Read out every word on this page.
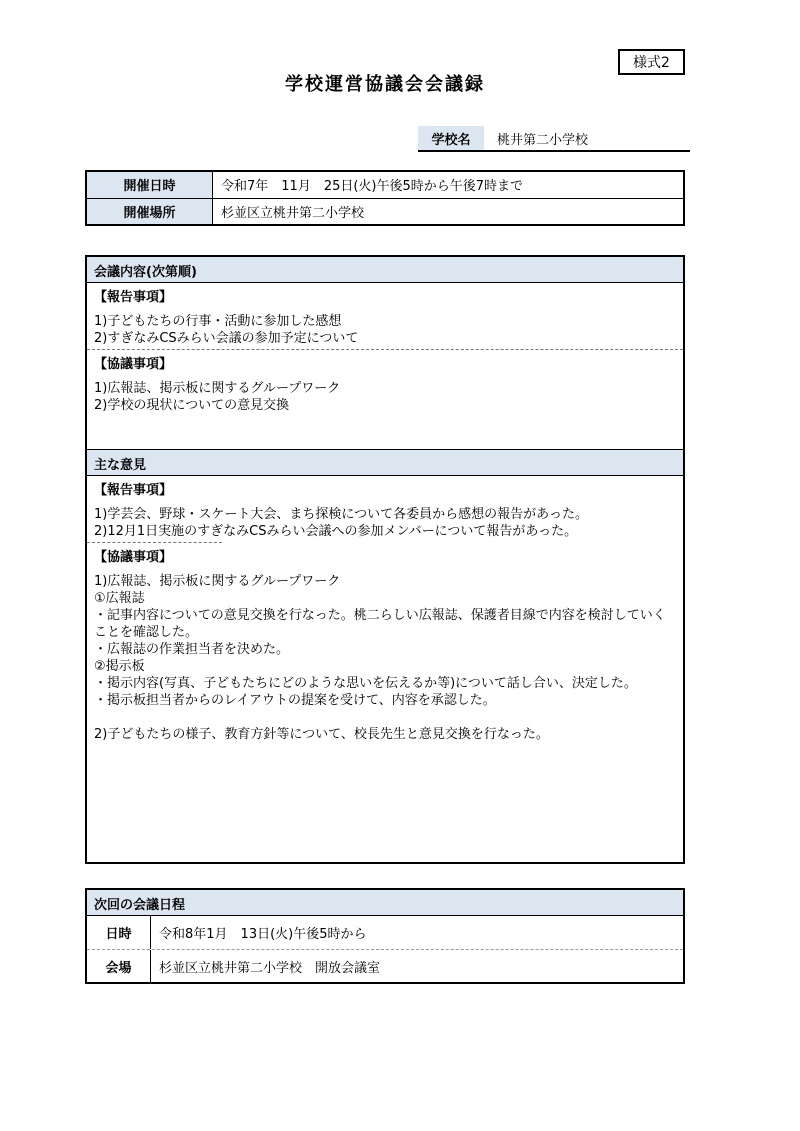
様式2
学校運営協議会会議録
学校名	桃井第二小学校
開催日時	令和7年　11月　25日(火)午後5時から午後7時まで
開催場所	杉並区立桃井第二小学校
会議内容(次第順)
【報告事項】
1)子どもたちの行事・活動に参加した感想
2)すぎなみCSみらい会議の参加予定について
【協議事項】
1)広報誌、掲示板に関するグループワーク
2)学校の現状についての意見交換
主な意見
【報告事項】
1)学芸会、野球・スケート大会、まち探検について各委員から感想の報告があった。
2)12月1日実施のすぎなみCSみらい会議への参加メンバーについて報告があった。
【協議事項】
1)広報誌、掲示板に関するグループワーク
①広報誌
・記事内容についての意見交換を行なった。桃二らしい広報誌、保護者目線で内容を検討していくことを確認した。
・広報誌の作業担当者を決めた。
②掲示板
・掲示内容(写真、子どもたちにどのような思いを伝えるか等)について話し合い、決定した。
・掲示板担当者からのレイアウトの提案を受けて、内容を承認した。

2)子どもたちの様子、教育方針等について、校長先生と意見交換を行なった。
次回の会議日程
日時	令和8年1月　13日(火)午後5時から
会場	杉並区立桃井第二小学校　開放会議室
